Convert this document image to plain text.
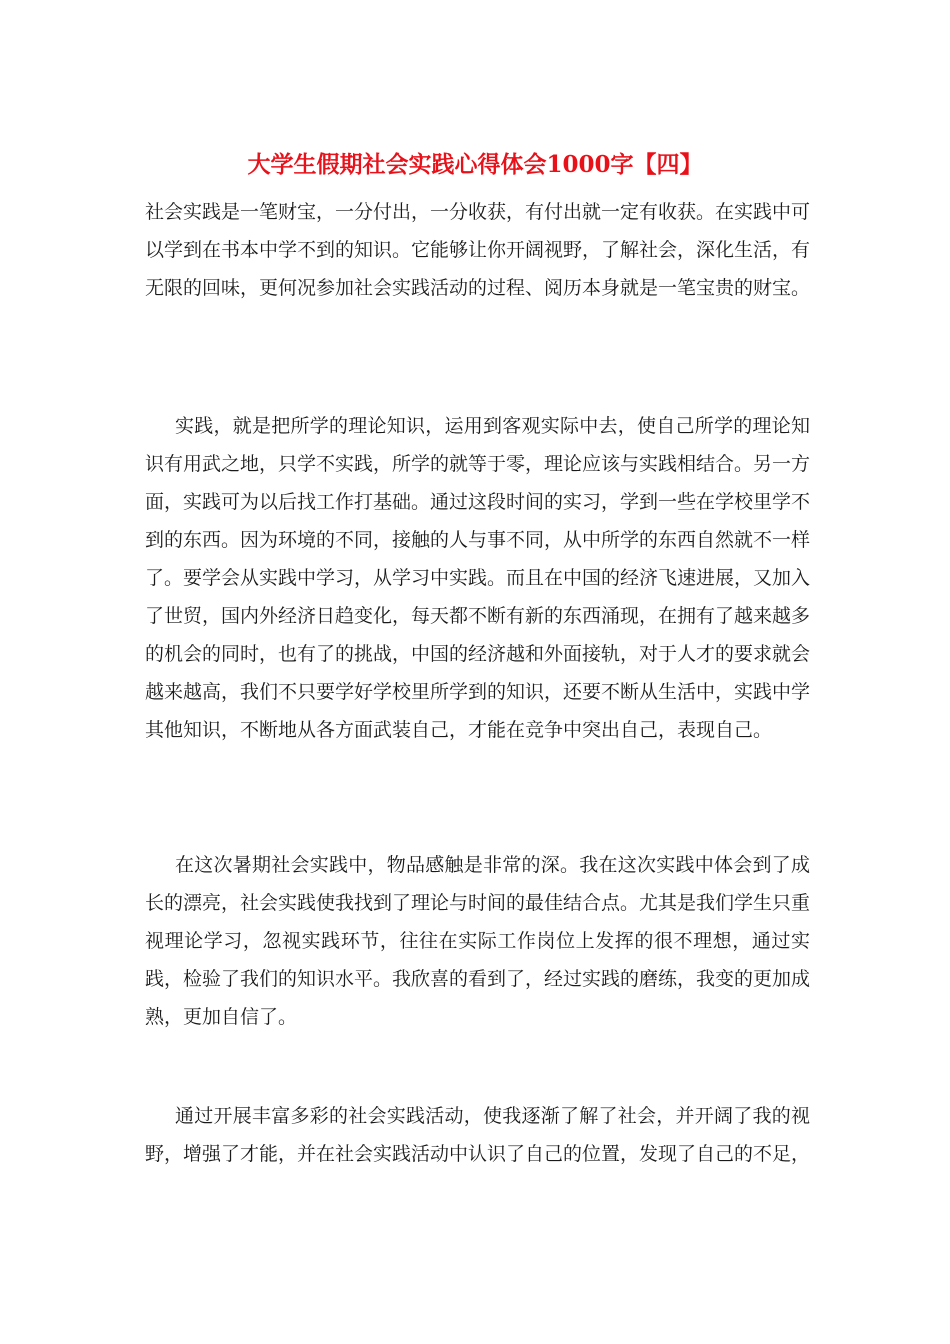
大学生假期社会实践心得体会1000字【四】

社会实践是一笔财宝，一分付出，一分收获，有付出就一定有收获。在实践中可以学到在书本中学不到的知识。它能够让你开阔视野，了解社会，深化生活，有无限的回味，更何况参加社会实践活动的过程、阅历本身就是一笔宝贵的财宝。

实践，就是把所学的理论知识，运用到客观实际中去，使自己所学的理论知识有用武之地，只学不实践，所学的就等于零，理论应该与实践相结合。另一方面，实践可为以后找工作打基础。通过这段时间的实习，学到一些在学校里学不到的东西。因为环境的不同，接触的人与事不同，从中所学的东西自然就不一样了。要学会从实践中学习，从学习中实践。而且在中国的经济飞速进展，又加入了世贸，国内外经济日趋变化，每天都不断有新的东西涌现，在拥有了越来越多的机会的同时，也有了的挑战，中国的经济越和外面接轨，对于人才的要求就会越来越高，我们不只要学好学校里所学到的知识，还要不断从生活中，实践中学其他知识，不断地从各方面武装自己，才能在竞争中突出自己，表现自己。

在这次暑期社会实践中，物品感触是非常的深。我在这次实践中体会到了成长的漂亮，社会实践使我找到了理论与时间的最佳结合点。尤其是我们学生只重视理论学习，忽视实践环节，往往在实际工作岗位上发挥的很不理想，通过实践，检验了我们的知识水平。我欣喜的看到了，经过实践的磨练，我变的更加成熟，更加自信了。

通过开展丰富多彩的社会实践活动，使我逐渐了解了社会，并开阔了我的视野，增强了才能，并在社会实践活动中认识了自己的位置，发现了自己的不足，
